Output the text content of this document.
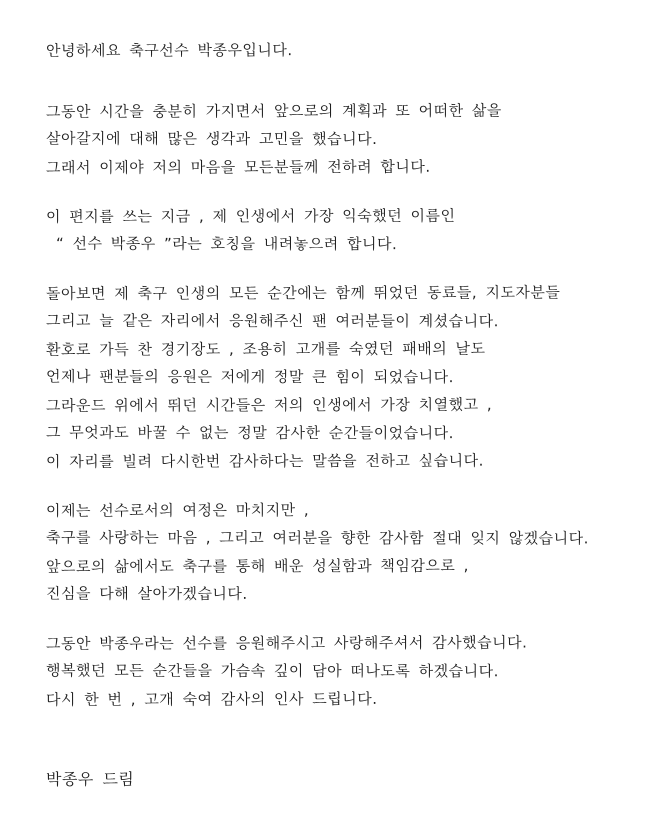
안녕하세요 축구선수 박종우입니다.
그동안 시간을 충분히 가지면서 앞으로의 계획과 또 어떠한 삶을
살아갈지에 대해 많은 생각과 고민을 했습니다.
그래서 이제야 저의 마음을 모든분들께 전하려 합니다.
이 편지를 쓰는 지금 , 제 인생에서 가장 익숙했던 이름인
“ 선수 박종우 ”라는 호칭을 내려놓으려 합니다.
돌아보면 제 축구 인생의 모든 순간에는 함께 뛰었던 동료들, 지도자분들
그리고 늘 같은 자리에서 응원해주신 팬 여러분들이 계셨습니다.
환호로 가득 찬 경기장도 , 조용히 고개를 숙였던 패배의 날도
언제나 팬분들의 응원은 저에게 정말 큰 힘이 되었습니다.
그라운드 위에서 뛰던 시간들은 저의 인생에서 가장 치열했고 ,
그 무엇과도 바꿀 수 없는 정말 감사한 순간들이었습니다.
이 자리를 빌려 다시한번 감사하다는 말씀을 전하고 싶습니다.
이제는 선수로서의 여정은 마치지만 ,
축구를 사랑하는 마음 , 그리고 여러분을 향한 감사함 절대 잊지 않겠습니다.
앞으로의 삶에서도 축구를 통해 배운 성실함과 책임감으로 ,
진심을 다해 살아가겠습니다.
그동안 박종우라는 선수를 응원해주시고 사랑해주셔서 감사했습니다.
행복했던 모든 순간들을 가슴속 깊이 담아 떠나도록 하겠습니다.
다시 한 번 , 고개 숙여 감사의 인사 드립니다.
박종우 드림
